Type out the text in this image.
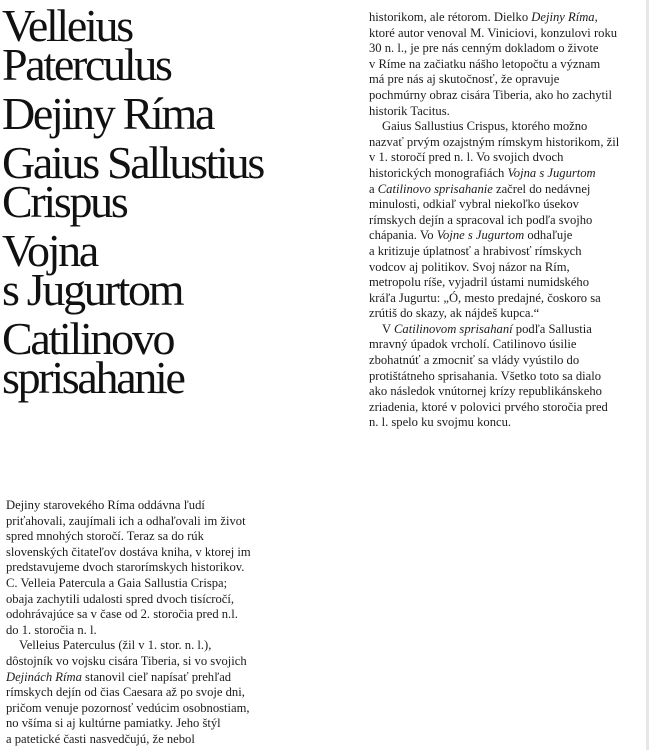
Velleius
Paterculus
Dejiny Ríma
Gaius Sallustius
Crispus
Vojna
s Jugurtom
Catilinovo
sprisahanie

historikom, ale rétorom. Dielko Dejiny Ríma,
ktoré autor venoval M. Viniciovi, konzulovi roku
30 n. l., je pre nás cenným dokladom o živote
v Ríme na začiatku nášho letopočtu a význam
má pre nás aj skutočnosť, že opravuje
pochmúrny obraz cisára Tiberia, ako ho zachytil
historik Tacitus.

Gaius Sallustius Crispus, ktorého možno
nazvať prvým ozajstným rímskym historikom, žil
v 1. storočí pred n. l. Vo svojich dvoch
historických monografiách Vojna s Jugurtom
a Catilinovo sprisahanie začrel do nedávnej
minulosti, odkiaľ vybral niekoľko úsekov
rímskych dejín a spracoval ich podľa svojho
chápania. Vo Vojne s Jugurtom odhaľuje
a kritizuje úplatnosť a hrabivosť rímskych
vodcov aj politikov. Svoj názor na Rím,
metropolu ríše, vyjadril ústami numidského
kráľa Jugurtu: „Ó, mesto predajné, čoskoro sa
zrútiš do skazy, ak nájdeš kupca.“

V Catilinovom sprisahaní podľa Sallustia
mravný úpadok vrcholí. Catilinovo úsilie
zbohatnúť a zmocniť sa vlády vyústilo do
protištátneho sprisahania. Všetko toto sa dialo
ako následok vnútornej krízy republikánskeho
zriadenia, ktoré v polovici prvého storočia pred
n. l. spelo ku svojmu koncu.

Dejiny starovekého Ríma oddávna ľudí
priťahovali, zaujímali ich a odhaľovali im život
spred mnohých storočí. Teraz sa do rúk
slovenských čitateľov dostáva kniha, v ktorej im
predstavujeme dvoch starorímskych historikov.
C. Velleia Patercula a Gaia Sallustia Crispa;
obaja zachytili udalosti spred dvoch tisícročí,
odohrávajúce sa v čase od 2. storočia pred n.l.
do 1. storočia n. l.

Velleius Paterculus (žil v 1. stor. n. l.),
dôstojník vo vojsku cisára Tiberia, si vo svojich
Dejinách Ríma stanovil cieľ napísať prehľad
rímskych dejín od čias Caesara až po svoje dni,
pričom venuje pozornosť vedúcim osobnostiam,
no všíma si aj kultúrne pamiatky. Jeho štýl
a patetické časti nasvedčujú, že nebol
